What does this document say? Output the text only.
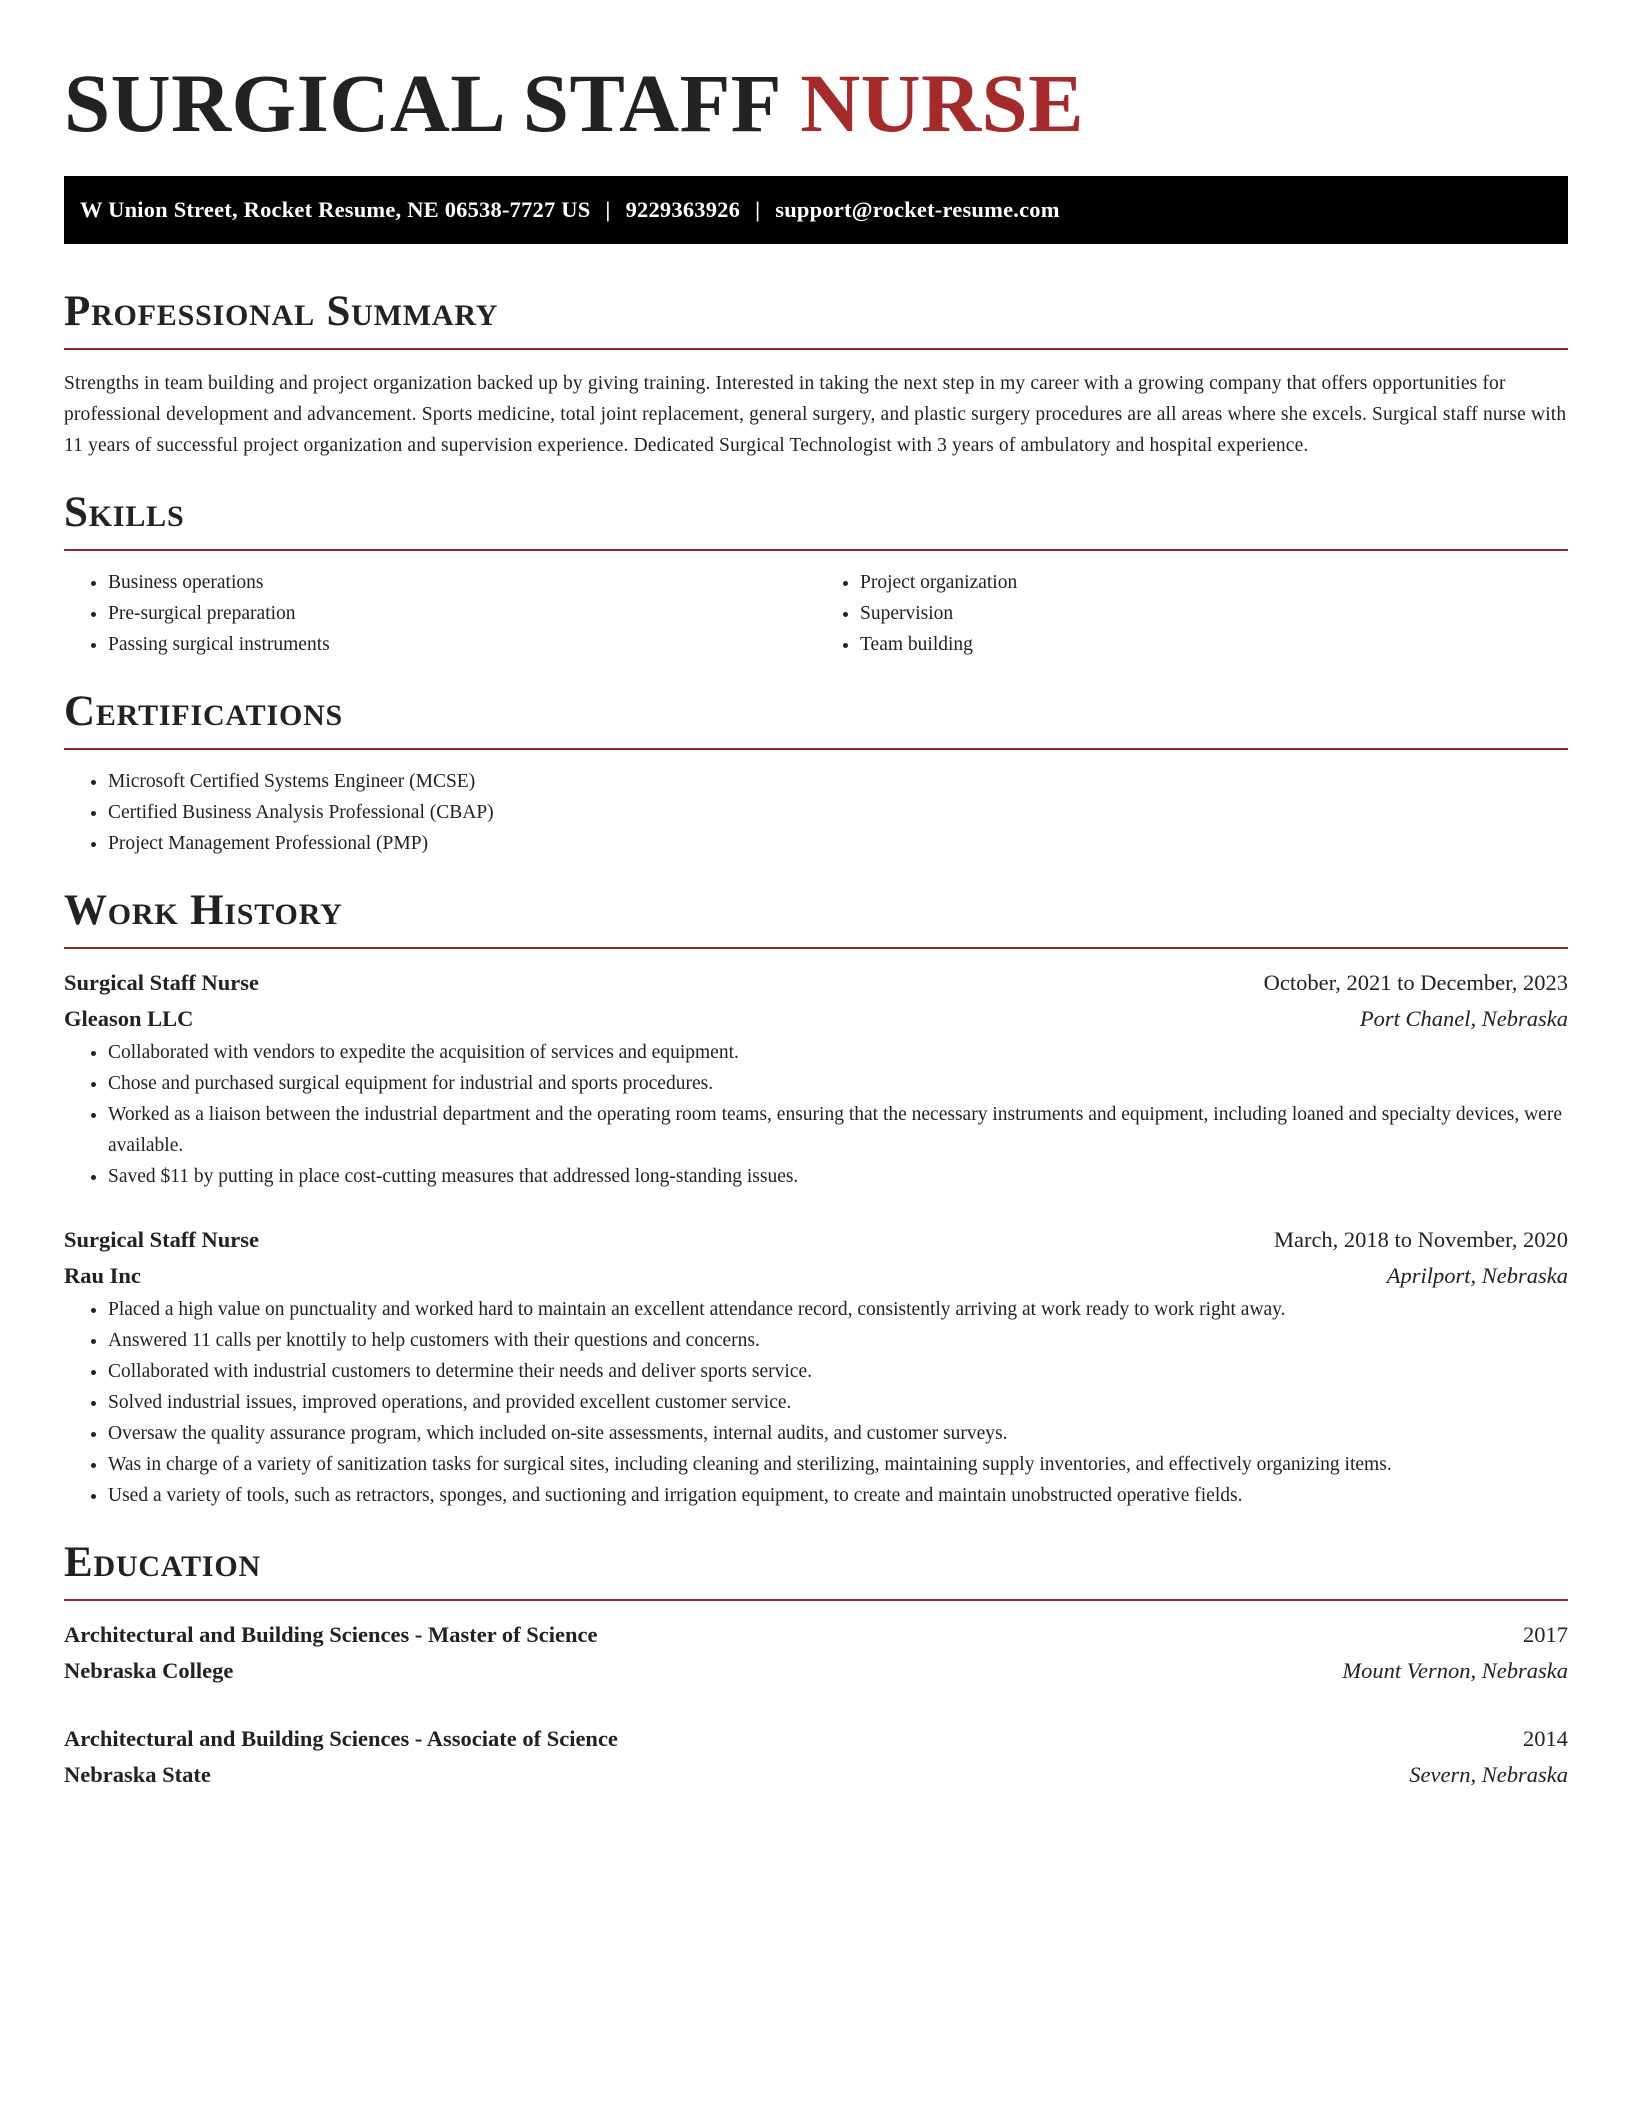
SURGICAL STAFF NURSE
W Union Street, Rocket Resume, NE 06538-7727 US | 9229363926 | support@rocket-resume.com
Professional Summary

Strengths in team building and project organization backed up by giving training. Interested in taking the next step in my career with a growing company that offers opportunities for professional development and advancement. Sports medicine, total joint replacement, general surgery, and plastic surgery procedures are all areas where she excels. Surgical staff nurse with 11 years of successful project organization and supervision experience. Dedicated Surgical Technologist with 3 years of ambulatory and hospital experience.

Skills
• Business operations
• Pre-surgical preparation
• Passing surgical instruments
• Project organization
• Supervision
• Team building
Certifications
• Microsoft Certified Systems Engineer (MCSE)
• Certified Business Analysis Professional (CBAP)
• Project Management Professional (PMP)
Work History
Surgical Staff Nurse	October, 2021 to December, 2023
Gleason LLC	Port Chanel, Nebraska
• Collaborated with vendors to expedite the acquisition of services and equipment.
• Chose and purchased surgical equipment for industrial and sports procedures.
• Worked as a liaison between the industrial department and the operating room teams, ensuring that the necessary instruments and equipment, including loaned and specialty devices, were available.
• Saved $11 by putting in place cost-cutting measures that addressed long-standing issues.
Surgical Staff Nurse	March, 2018 to November, 2020
Rau Inc	Aprilport, Nebraska
• Placed a high value on punctuality and worked hard to maintain an excellent attendance record, consistently arriving at work ready to work right away.
• Answered 11 calls per knottily to help customers with their questions and concerns.
• Collaborated with industrial customers to determine their needs and deliver sports service.
• Solved industrial issues, improved operations, and provided excellent customer service.
• Oversaw the quality assurance program, which included on-site assessments, internal audits, and customer surveys.
• Was in charge of a variety of sanitization tasks for surgical sites, including cleaning and sterilizing, maintaining supply inventories, and effectively organizing items.
• Used a variety of tools, such as retractors, sponges, and suctioning and irrigation equipment, to create and maintain unobstructed operative fields.
Education
Architectural and Building Sciences - Master of Science	2017
Nebraska College	Mount Vernon, Nebraska
Architectural and Building Sciences - Associate of Science	2014
Nebraska State	Severn, Nebraska
